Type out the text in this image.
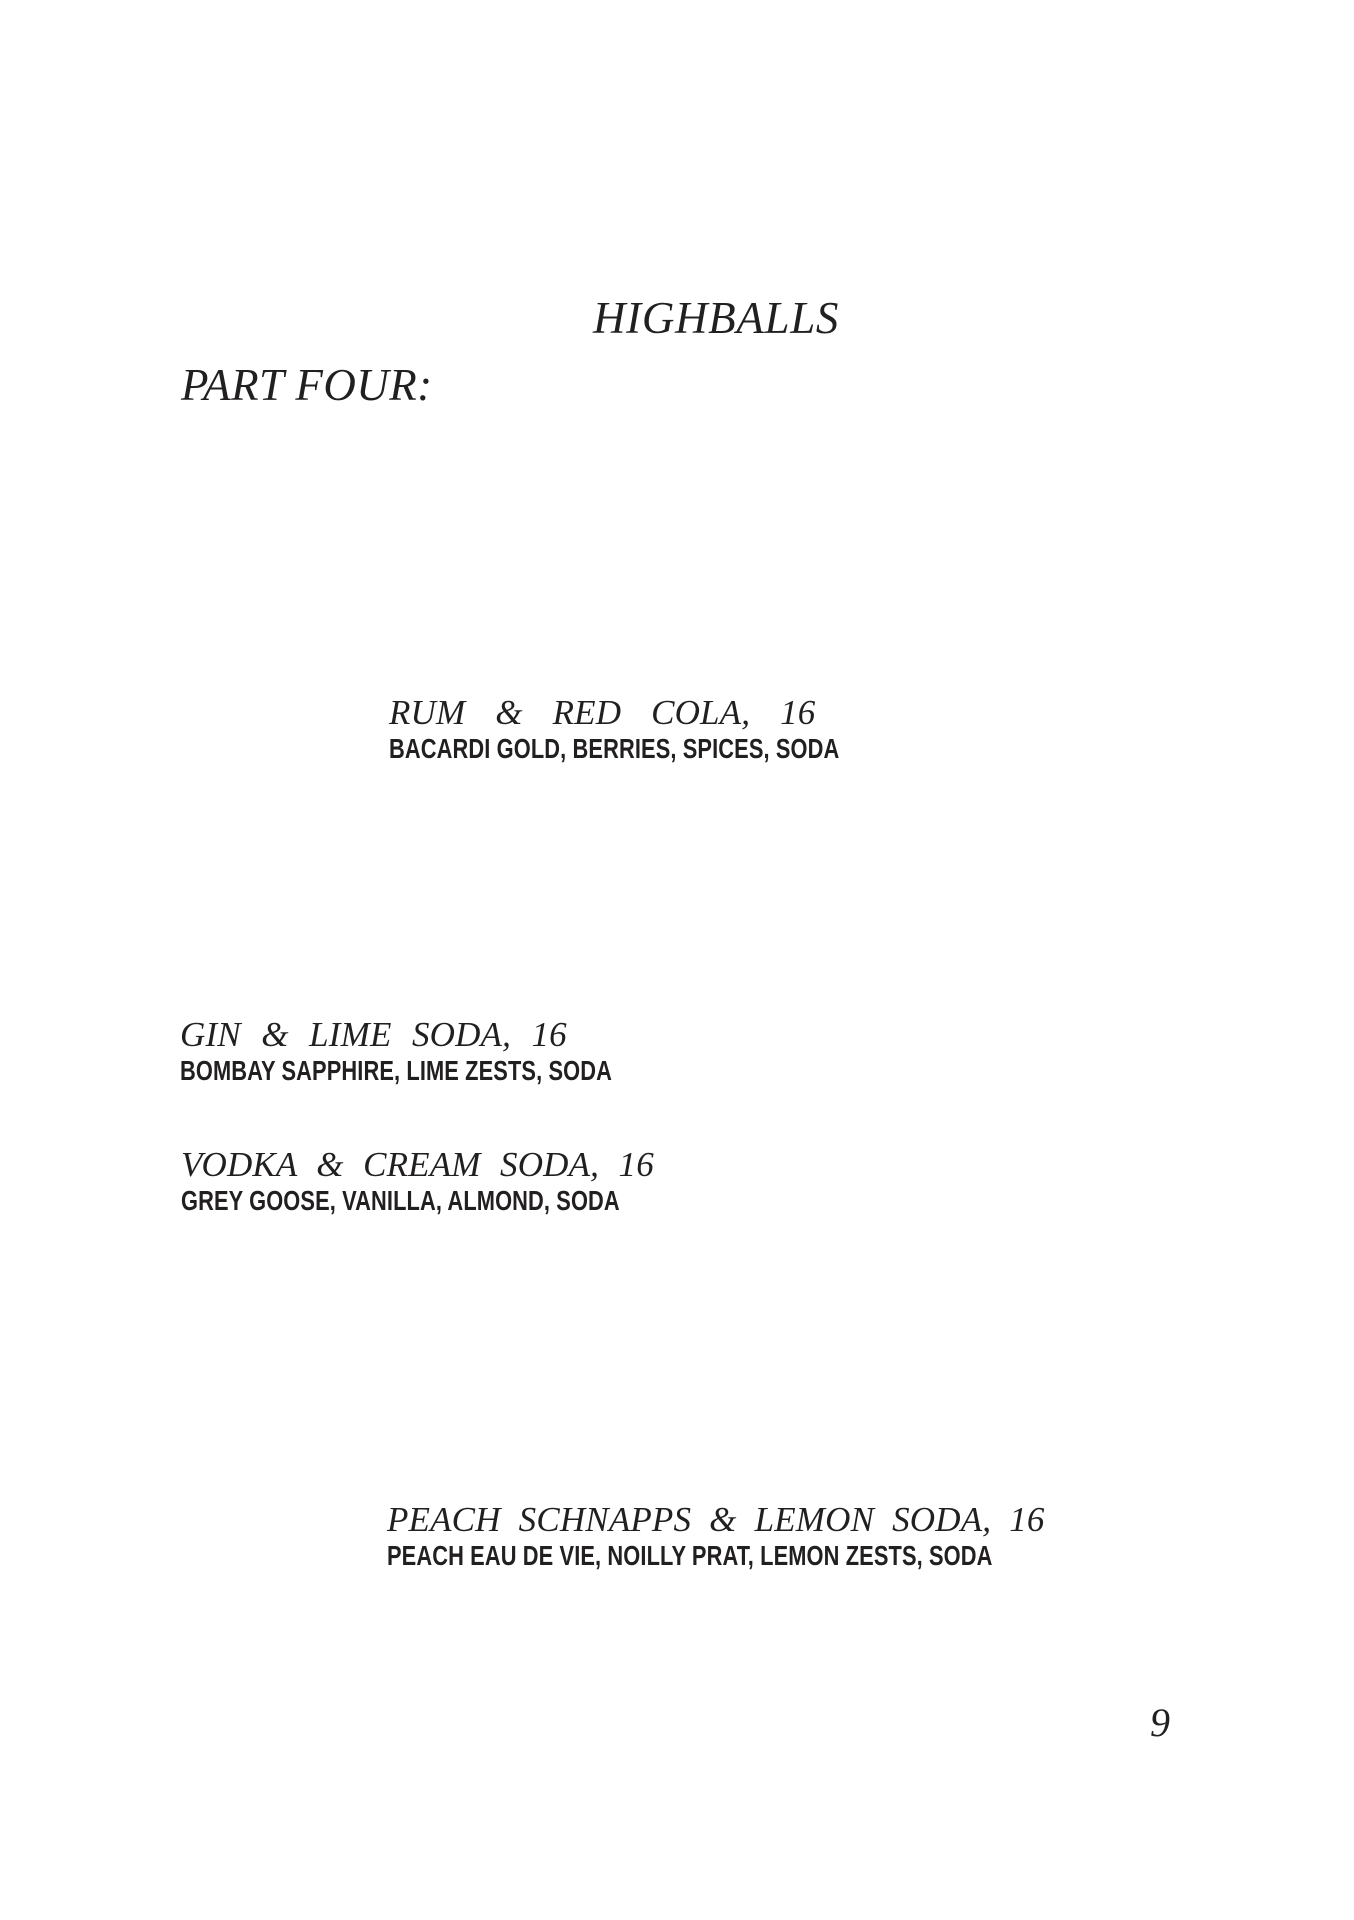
HIGHBALLS
PART FOUR:
RUM & RED COLA, 16
BACARDI GOLD, BERRIES, SPICES, SODA
GIN & LIME SODA, 16
BOMBAY SAPPHIRE, LIME ZESTS, SODA
VODKA & CREAM SODA, 16
GREY GOOSE, VANILLA, ALMOND, SODA
PEACH SCHNAPPS & LEMON SODA, 16
PEACH EAU DE VIE, NOILLY PRAT, LEMON ZESTS, SODA
9
